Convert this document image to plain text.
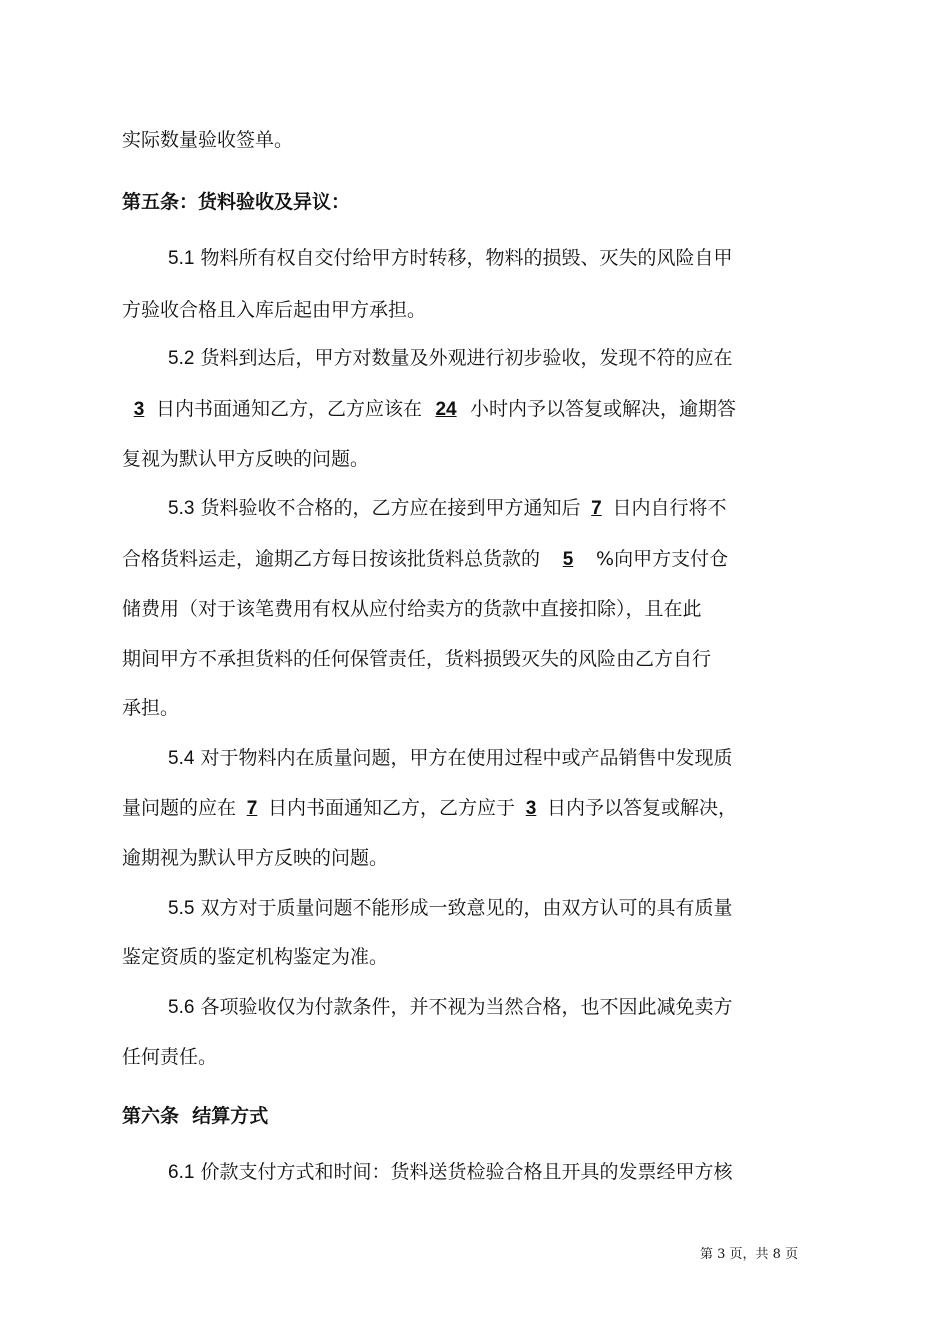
实际数量验收签单。
第五条：货料验收及异议：
5.1 物料所有权自交付给甲方时转移，物料的损毁、灭失的风险自甲
方验收合格且入库后起由甲方承担。
5.2 货料到达后，甲方对数量及外观进行初步验收，发现不符的应在
3 日内书面通知乙方，乙方应该在 24 小时内予以答复或解决，逾期答
复视为默认甲方反映的问题。
5.3 货料验收不合格的，乙方应在接到甲方通知后 7 日内自行将不
合格货料运走，逾期乙方每日按该批货料总货款的 5 %向甲方支付仓
储费用（对于该笔费用有权从应付给卖方的货款中直接扣除），且在此
期间甲方不承担货料的任何保管责任，货料损毁灭失的风险由乙方自行
承担。
5.4 对于物料内在质量问题，甲方在使用过程中或产品销售中发现质
量问题的应在 7 日内书面通知乙方，乙方应于 3 日内予以答复或解决，
逾期视为默认甲方反映的问题。
5.5 双方对于质量问题不能形成一致意见的，由双方认可的具有质量
鉴定资质的鉴定机构鉴定为准。
5.6 各项验收仅为付款条件，并不视为当然合格，也不因此减免卖方
任何责任。
第六条  结算方式
6.1 价款支付方式和时间：货料送货检验合格且开具的发票经甲方核
第 3 页，共 8 页
